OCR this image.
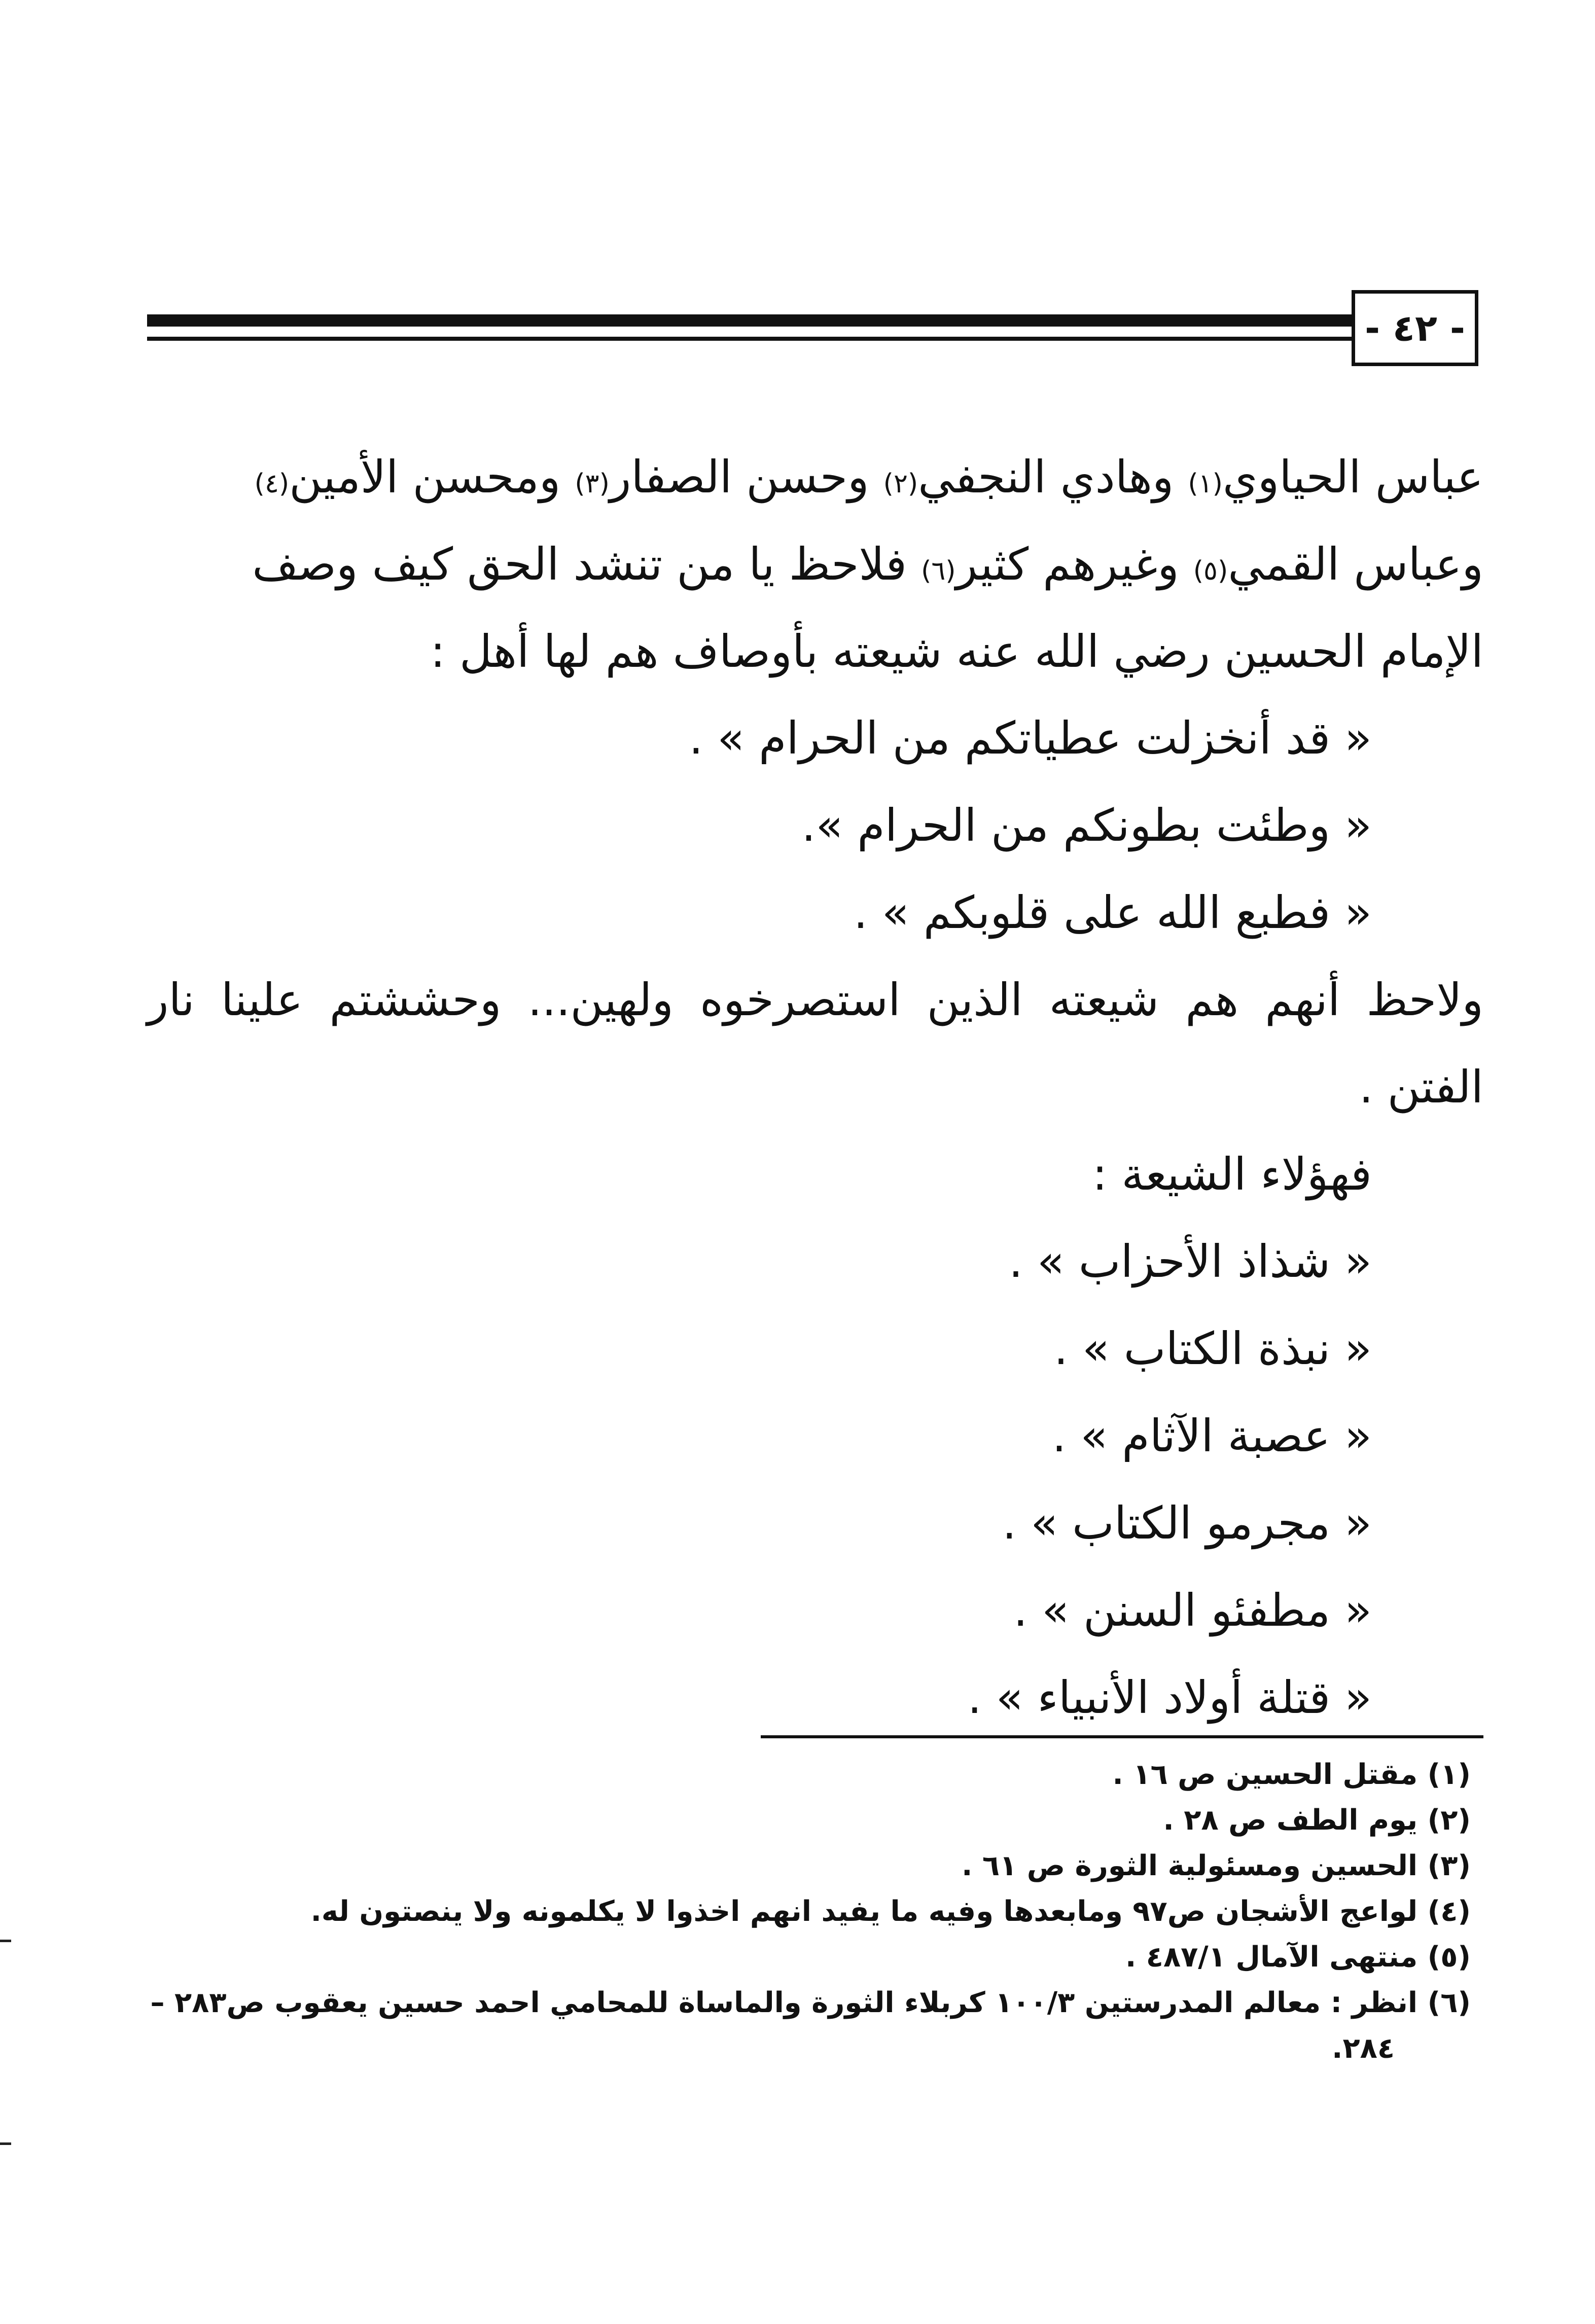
- ٤٢ -

عباس الحياوي$^{(١)}$ وهادي النجفي$^{(٢)}$ وحسن الصفار$^{(٣)}$ ومحسن الأمين$^{(٤)}$

وعباس القمي$^{(٥)}$ وغيرهم كثير$^{(٦)}$ فلاحظ يا من تنشد الحق كيف وصف

الإمام الحسين رضي الله عنه شيعته بأوصاف هم لها أهل :

« قد أنخزلت عطياتكم من الحرام » .
« وطئت بطونكم من الحرام ».
« فطبع الله على قلوبكم » .

ولاحظ أنهم هم شيعته الذين استصرخوه ولهين... وحششتم علينا نار الفتن .

فهؤلاء الشيعة :
« شذاذ الأحزاب » .
« نبذة الكتاب » .
« عصبة الآثام » .
« مجرمو الكتاب » .
« مطفئو السنن » .
« قتلة أولاد الأنبياء » .
(١) مقتل الحسين ص ١٦ .
(٢) يوم الطف ص ٢٨ .
(٣) الحسين ومسئولية الثورة ص ٦١ .
(٤) لواعج الأشجان ص٩٧ ومابعدها وفيه ما يفيد انهم اخذوا لا يكلمونه ولا ينصتون له.
(٥) منتهى الآمال ٤٨٧/١ .
(٦) انظر : معالم المدرستين ١٠٠/٣ كربلاء الثورة والماساة للمحامي احمد حسين يعقوب ص٢٨٣ –
٢٨٤.
